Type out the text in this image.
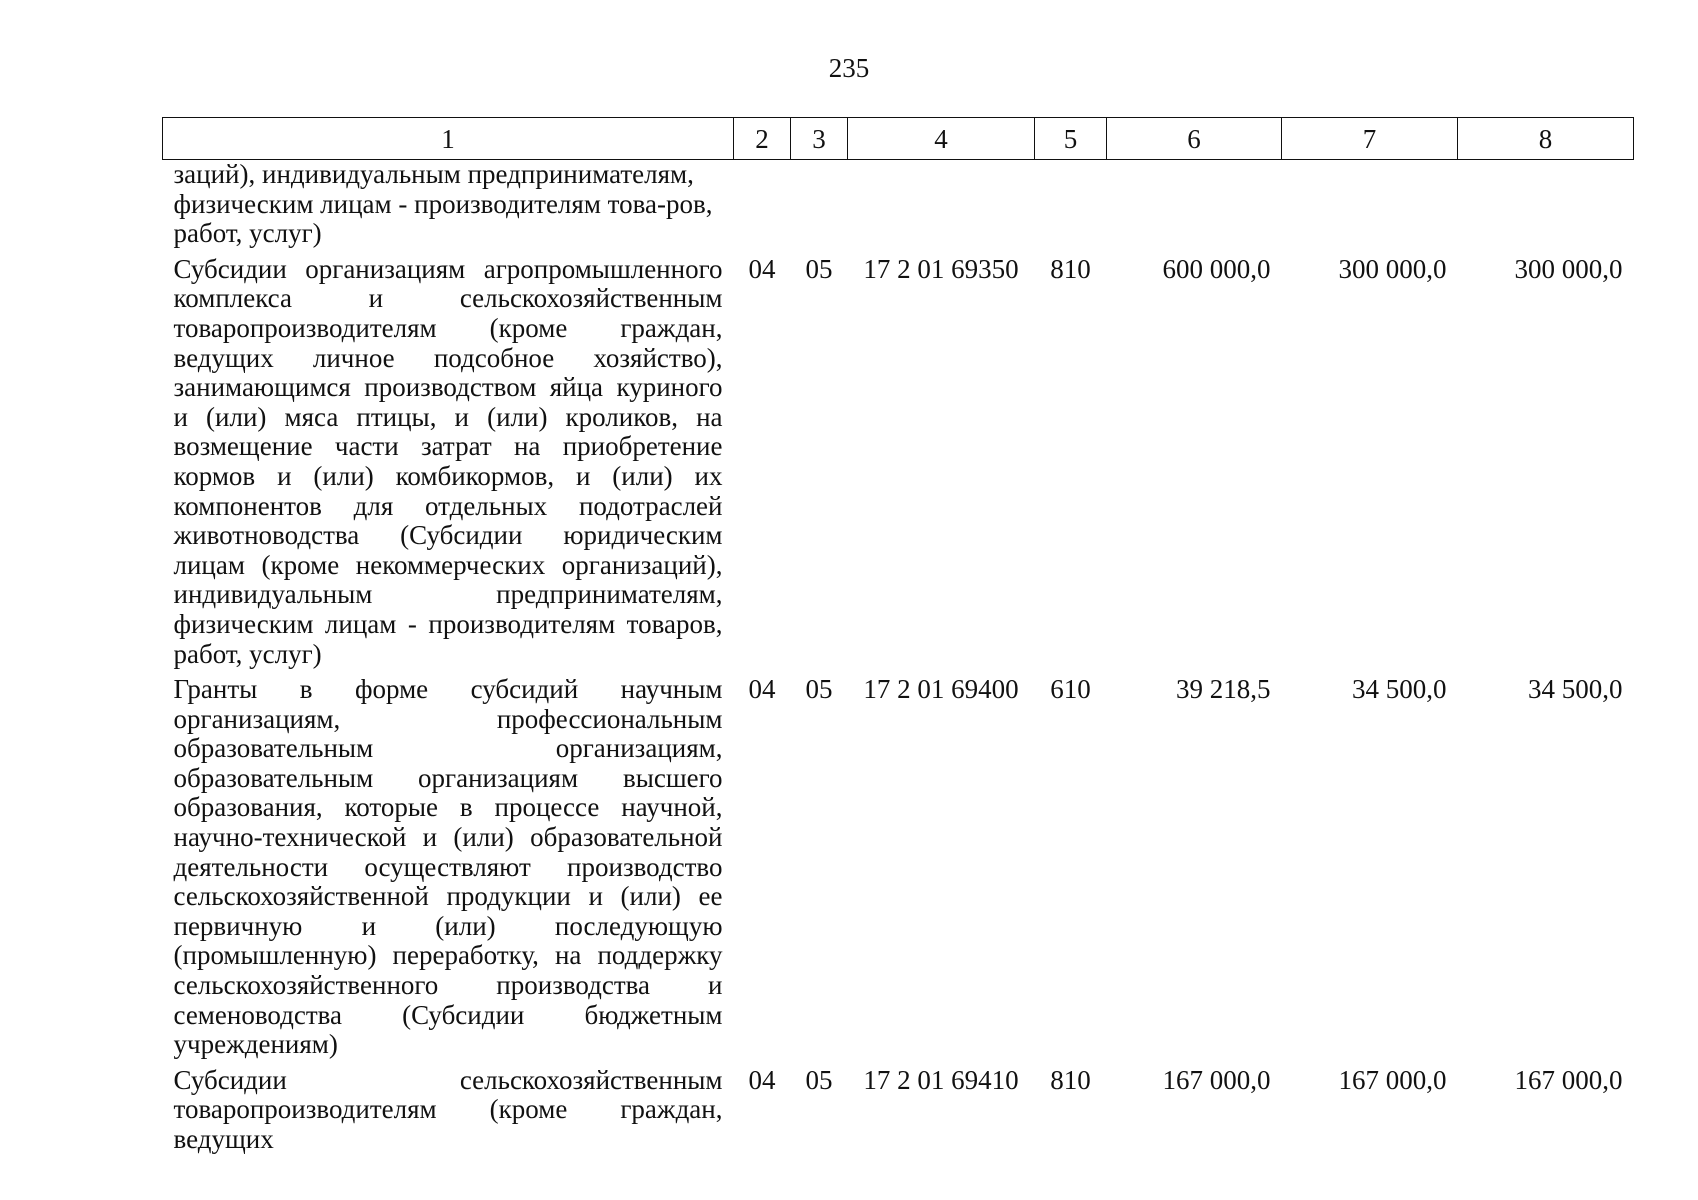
235
1	2	3	4	5	6	7	8
заций), индивидуальным предпринимателям, физическим лицам - производителям това-ров, работ, услуг)							
Субсидии организациям агропромышленного комплекса и сельскохозяйственным товаропроизводителям (кроме граждан, ведущих личное подсобное хозяйство), занимающимся производством яйца куриного и (или) мяса птицы, и (или) кроликов, на возмещение части затрат на приобретение кормов и (или) комбикормов, и (или) их компонентов для отдельных подотраслей животноводства (Субсидии юридическим лицам (кроме некоммерческих организаций), индивидуальным предпринимателям, физическим лицам - производителям товаров, работ, услуг)	04	05	17 2 01 69350	810	600 000,0	300 000,0	300 000,0
Гранты в форме субсидий научным организациям, профессиональным образовательным организациям, образовательным организациям высшего образования, которые в процессе научной, научно-технической и (или) образовательной деятельности осуществляют производство сельскохозяйственной продукции и (или) ее первичную и (или) последующую (промышленную) переработку, на поддержку сельскохозяйственного производства и семеноводства (Субсидии бюджетным учреждениям)	04	05	17 2 01 69400	610	39 218,5	34 500,0	34 500,0
Субсидии сельскохозяйственным товаропроизводителям (кроме граждан, ведущих	04	05	17 2 01 69410	810	167 000,0	167 000,0	167 000,0
